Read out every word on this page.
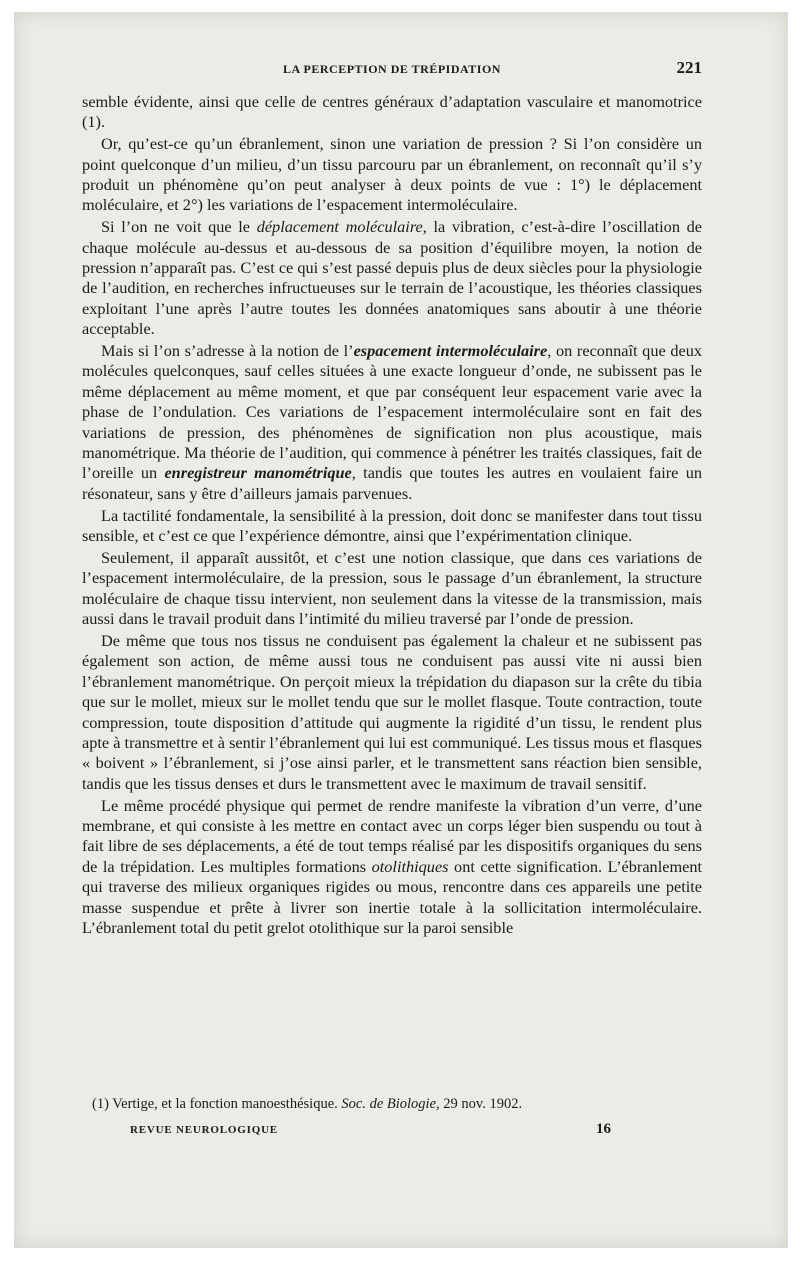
LA PERCEPTION DE TRÉPIDATION	221

semble évidente, ainsi que celle de centres généraux d’adaptation vasculaire et manomotrice (1).

Or, qu’est-ce qu’un ébranlement, sinon une variation de pression ? Si l’on considère un point quelconque d’un milieu, d’un tissu parcouru par un ébranlement, on reconnaît qu’il s’y produit un phénomène qu’on peut analyser à deux points de vue : 1°) le déplacement moléculaire, et 2°) les variations de l’espacement intermoléculaire.

Si l’on ne voit que le déplacement moléculaire, la vibration, c’est-à-dire l’oscillation de chaque molécule au-dessus et au-dessous de sa position d’équilibre moyen, la notion de pression n’apparaît pas. C’est ce qui s’est passé depuis plus de deux siècles pour la physiologie de l’audition, en recherches infructueuses sur le terrain de l’acoustique, les théories classiques exploitant l’une après l’autre toutes les données anatomiques sans aboutir à une théorie acceptable.

Mais si l’on s’adresse à la notion de l’espacement intermoléculaire, on reconnaît que deux molécules quelconques, sauf celles situées à une exacte longueur d’onde, ne subissent pas le même déplacement au même moment, et que par conséquent leur espacement varie avec la phase de l’ondulation. Ces variations de l’espacement intermoléculaire sont en fait des variations de pression, des phénomènes de signification non plus acoustique, mais manométrique. Ma théorie de l’audition, qui commence à pénétrer les traités classiques, fait de l’oreille un enregistreur manométrique, tandis que toutes les autres en voulaient faire un résonateur, sans y être d’ailleurs jamais parvenues.

La tactilité fondamentale, la sensibilité à la pression, doit donc se manifester dans tout tissu sensible, et c’est ce que l’expérience démontre, ainsi que l’expérimentation clinique.

Seulement, il apparaît aussitôt, et c’est une notion classique, que dans ces variations de l’espacement intermoléculaire, de la pression, sous le passage d’un ébranlement, la structure moléculaire de chaque tissu intervient, non seulement dans la vitesse de la transmission, mais aussi dans le travail produit dans l’intimité du milieu traversé par l’onde de pression.

De même que tous nos tissus ne conduisent pas également la chaleur et ne subissent pas également son action, de même aussi tous ne conduisent pas aussi vite ni aussi bien l’ébranlement manométrique. On perçoit mieux la trépidation du diapason sur la crête du tibia que sur le mollet, mieux sur le mollet tendu que sur le mollet flasque. Toute contraction, toute compression, toute disposition d’attitude qui augmente la rigidité d’un tissu, le rendent plus apte à transmettre et à sentir l’ébranlement qui lui est communiqué. Les tissus mous et flasques « boivent » l’ébranlement, si j’ose ainsi parler, et le transmettent sans réaction bien sensible, tandis que les tissus denses et durs le transmettent avec le maximum de travail sensitif.

Le même procédé physique qui permet de rendre manifeste la vibration d’un verre, d’une membrane, et qui consiste à les mettre en contact avec un corps léger bien suspendu ou tout à fait libre de ses déplacements, a été de tout temps réalisé par les dispositifs organiques du sens de la trépidation. Les multiples formations otolithiques ont cette signification. L’ébranlement qui traverse des milieux organiques rigides ou mous, rencontre dans ces appareils une petite masse suspendue et prête à livrer son inertie totale à la sollicitation intermoléculaire. L’ébranlement total du petit grelot otolithique sur la paroi sensible

(1) Vertige, et la fonction manoesthésique. Soc. de Biologie, 29 nov. 1902.
REVUE NEUROLOGIQUE	16
